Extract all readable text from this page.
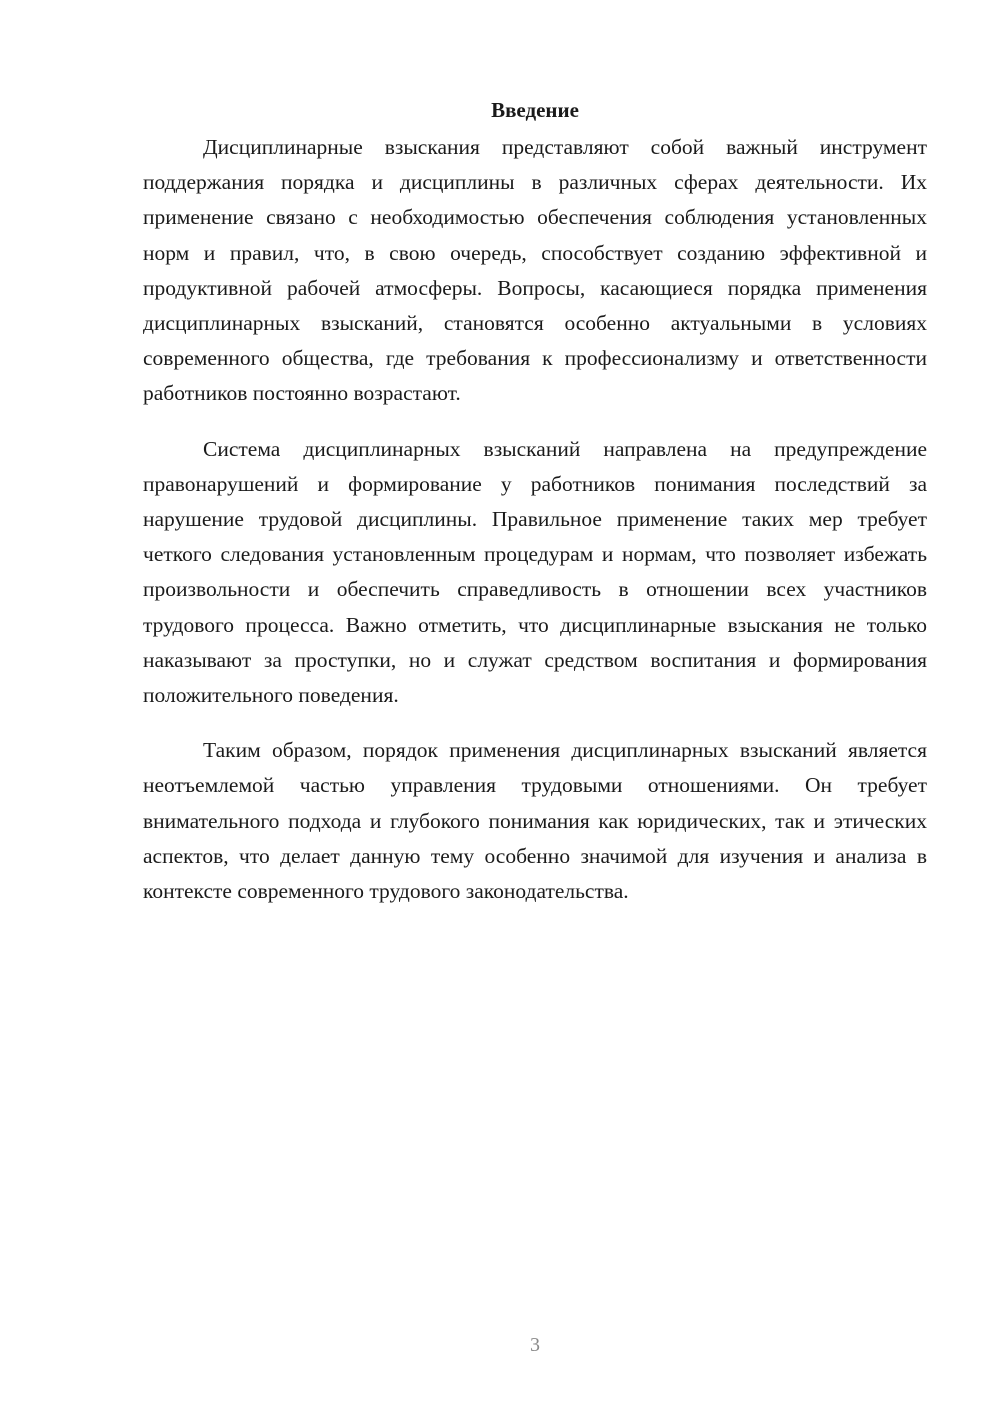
Введение

Дисциплинарные взыскания представляют собой важный инструмент поддержания порядка и дисциплины в различных сферах деятельности. Их применение связано с необходимостью обеспечения соблюдения установленных норм и правил, что, в свою очередь, способствует созданию эффективной и продуктивной рабочей атмосферы. Вопросы, касающиеся порядка применения дисциплинарных взысканий, становятся особенно актуальными в условиях современного общества, где требования к профессионализму и ответственности работников постоянно возрастают.

Система дисциплинарных взысканий направлена на предупреждение правонарушений и формирование у работников понимания последствий за нарушение трудовой дисциплины. Правильное применение таких мер требует четкого следования установленным процедурам и нормам, что позволяет избежать произвольности и обеспечить справедливость в отношении всех участников трудового процесса. Важно отметить, что дисциплинарные взыскания не только наказывают за проступки, но и служат средством воспитания и формирования положительного поведения.

Таким образом, порядок применения дисциплинарных взысканий является неотъемлемой частью управления трудовыми отношениями. Он требует внимательного подхода и глубокого понимания как юридических, так и этических аспектов, что делает данную тему особенно значимой для изучения и анализа в контексте современного трудового законодательства.

3
